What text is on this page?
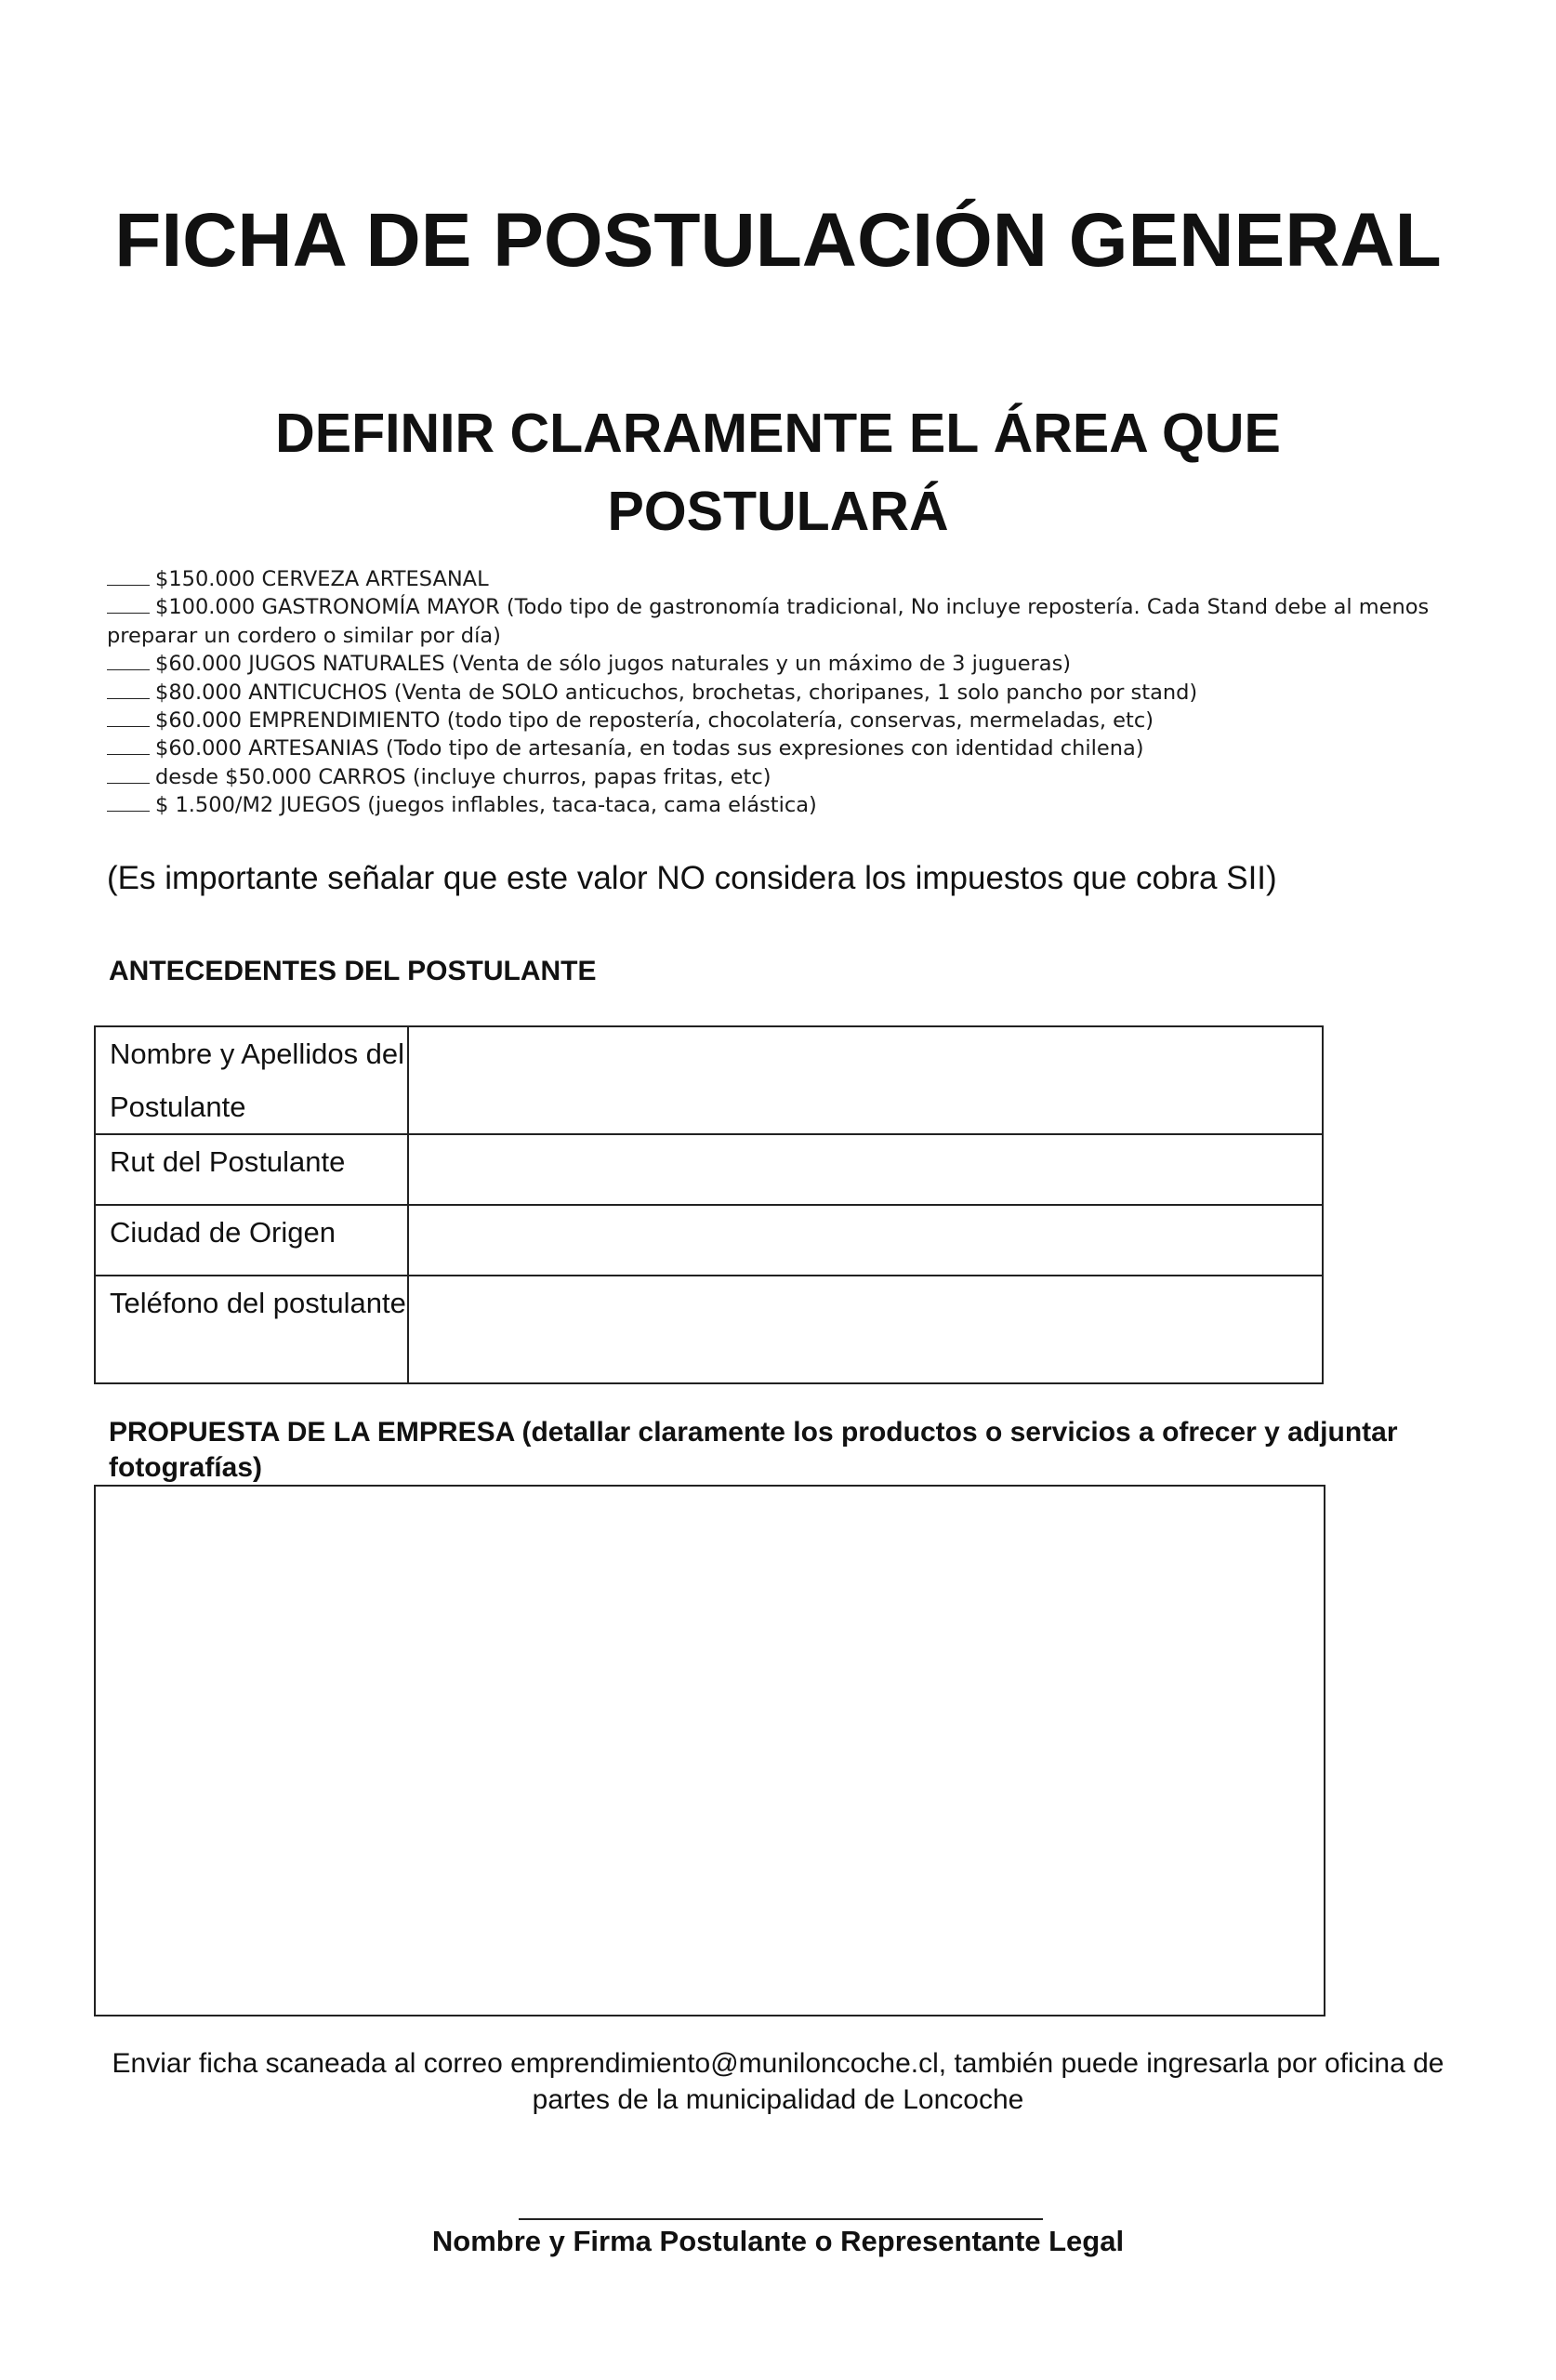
FICHA DE POSTULACIÓN GENERAL
DEFINIR CLARAMENTE EL ÁREA QUE POSTULARÁ
$150.000 CERVEZA ARTESANAL
$100.000 GASTRONOMÍA MAYOR (Todo tipo de gastronomía tradicional, No incluye repostería. Cada Stand debe al menos preparar un cordero o similar por día)
$60.000 JUGOS NATURALES (Venta de sólo jugos naturales y un máximo de 3 jugueras)
$80.000 ANTICUCHOS (Venta de SOLO anticuchos, brochetas, choripanes, 1 solo pancho por stand)
$60.000 EMPRENDIMIENTO (todo tipo de repostería, chocolatería, conservas, mermeladas, etc)
$60.000 ARTESANIAS (Todo tipo de artesanía, en todas sus expresiones con identidad chilena)
desde $50.000 CARROS (incluye churros, papas fritas, etc)
$ 1.500/M2 JUEGOS (juegos inflables, taca-taca, cama elástica)

(Es importante señalar que este valor NO considera los impuestos que cobra SII)

ANTECEDENTES DEL POSTULANTE

Nombre y Apellidos del Postulante	
Rut del Postulante	
Ciudad de Origen	
Teléfono del postulante	

PROPUESTA DE LA EMPRESA (detallar claramente los productos o servicios a ofrecer y adjuntar fotografías)

Enviar ficha scaneada al correo emprendimiento@muniloncoche.cl, también puede ingresarla por oficina de partes de la municipalidad de Loncoche

Nombre y Firma Postulante o Representante Legal
